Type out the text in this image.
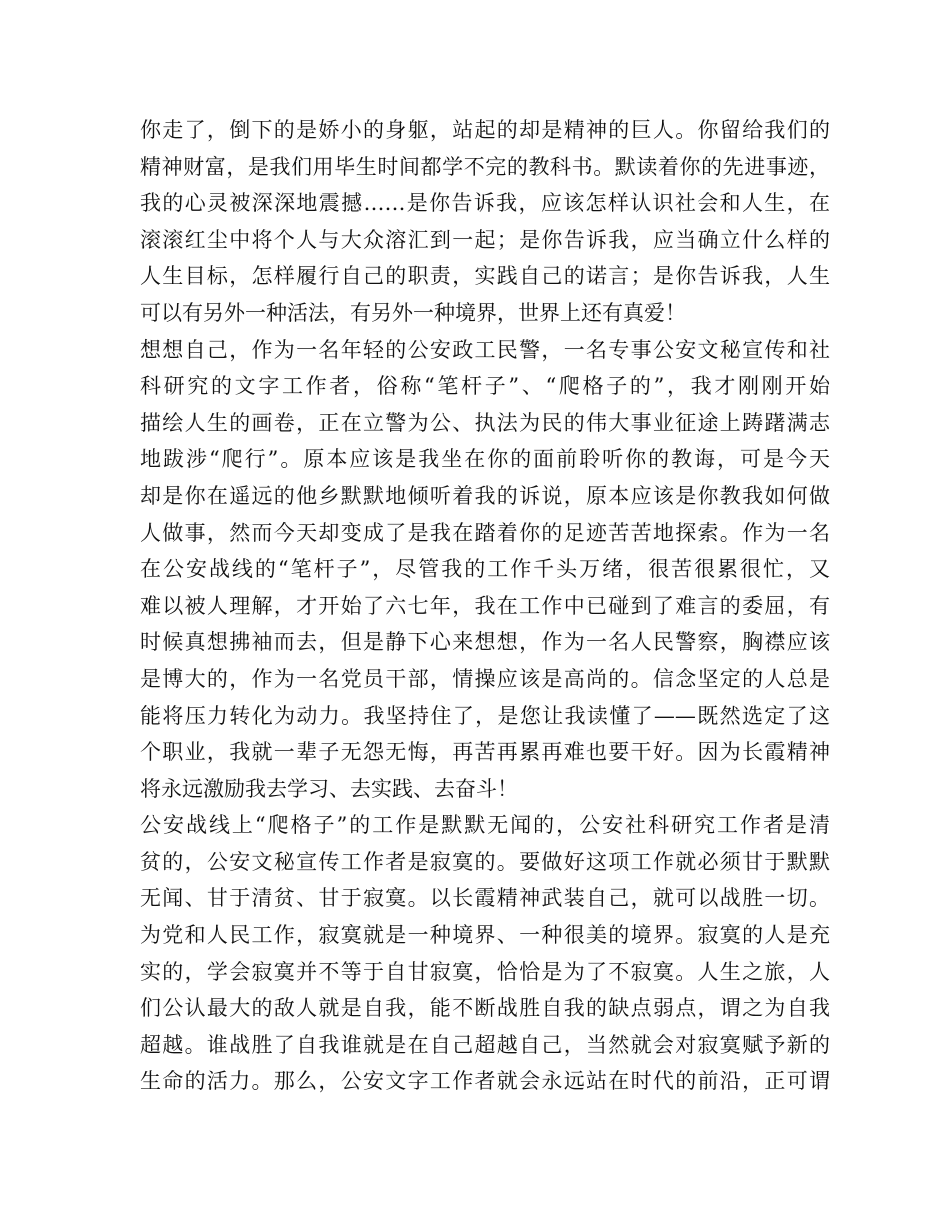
你走了，倒下的是娇小的身躯，站起的却是精神的巨人。你留给我们的
精神财富，是我们用毕生时间都学不完的教科书。默读着你的先进事迹，
我的心灵被深深地震撼……是你告诉我，应该怎样认识社会和人生，在
滚滚红尘中将个人与大众溶汇到一起；是你告诉我，应当确立什么样的
人生目标，怎样履行自己的职责，实践自己的诺言；是你告诉我，人生
可以有另外一种活法，有另外一种境界，世界上还有真爱！
想想自己，作为一名年轻的公安政工民警，一名专事公安文秘宣传和社
科研究的文字工作者，俗称“笔杆子”、“爬格子的”，我才刚刚开始
描绘人生的画卷，正在立警为公、执法为民的伟大事业征途上踌躇满志
地跋涉“爬行”。原本应该是我坐在你的面前聆听你的教诲，可是今天
却是你在遥远的他乡默默地倾听着我的诉说，原本应该是你教我如何做
人做事，然而今天却变成了是我在踏着你的足迹苦苦地探索。作为一名
在公安战线的“笔杆子”，尽管我的工作千头万绪，很苦很累很忙，又
难以被人理解，才开始了六七年，我在工作中已碰到了难言的委屈，有
时候真想拂袖而去，但是静下心来想想，作为一名人民警察，胸襟应该
是博大的，作为一名党员干部，情操应该是高尚的。信念坚定的人总是
能将压力转化为动力。我坚持住了，是您让我读懂了——既然选定了这
个职业，我就一辈子无怨无悔，再苦再累再难也要干好。因为长霞精神
将永远激励我去学习、去实践、去奋斗！
公安战线上“爬格子”的工作是默默无闻的，公安社科研究工作者是清
贫的，公安文秘宣传工作者是寂寞的。要做好这项工作就必须甘于默默
无闻、甘于清贫、甘于寂寞。以长霞精神武装自己，就可以战胜一切。
为党和人民工作，寂寞就是一种境界、一种很美的境界。寂寞的人是充
实的，学会寂寞并不等于自甘寂寞，恰恰是为了不寂寞。人生之旅，人
们公认最大的敌人就是自我，能不断战胜自我的缺点弱点，谓之为自我
超越。谁战胜了自我谁就是在自己超越自己，当然就会对寂寞赋予新的
生命的活力。那么，公安文字工作者就会永远站在时代的前沿，正可谓
